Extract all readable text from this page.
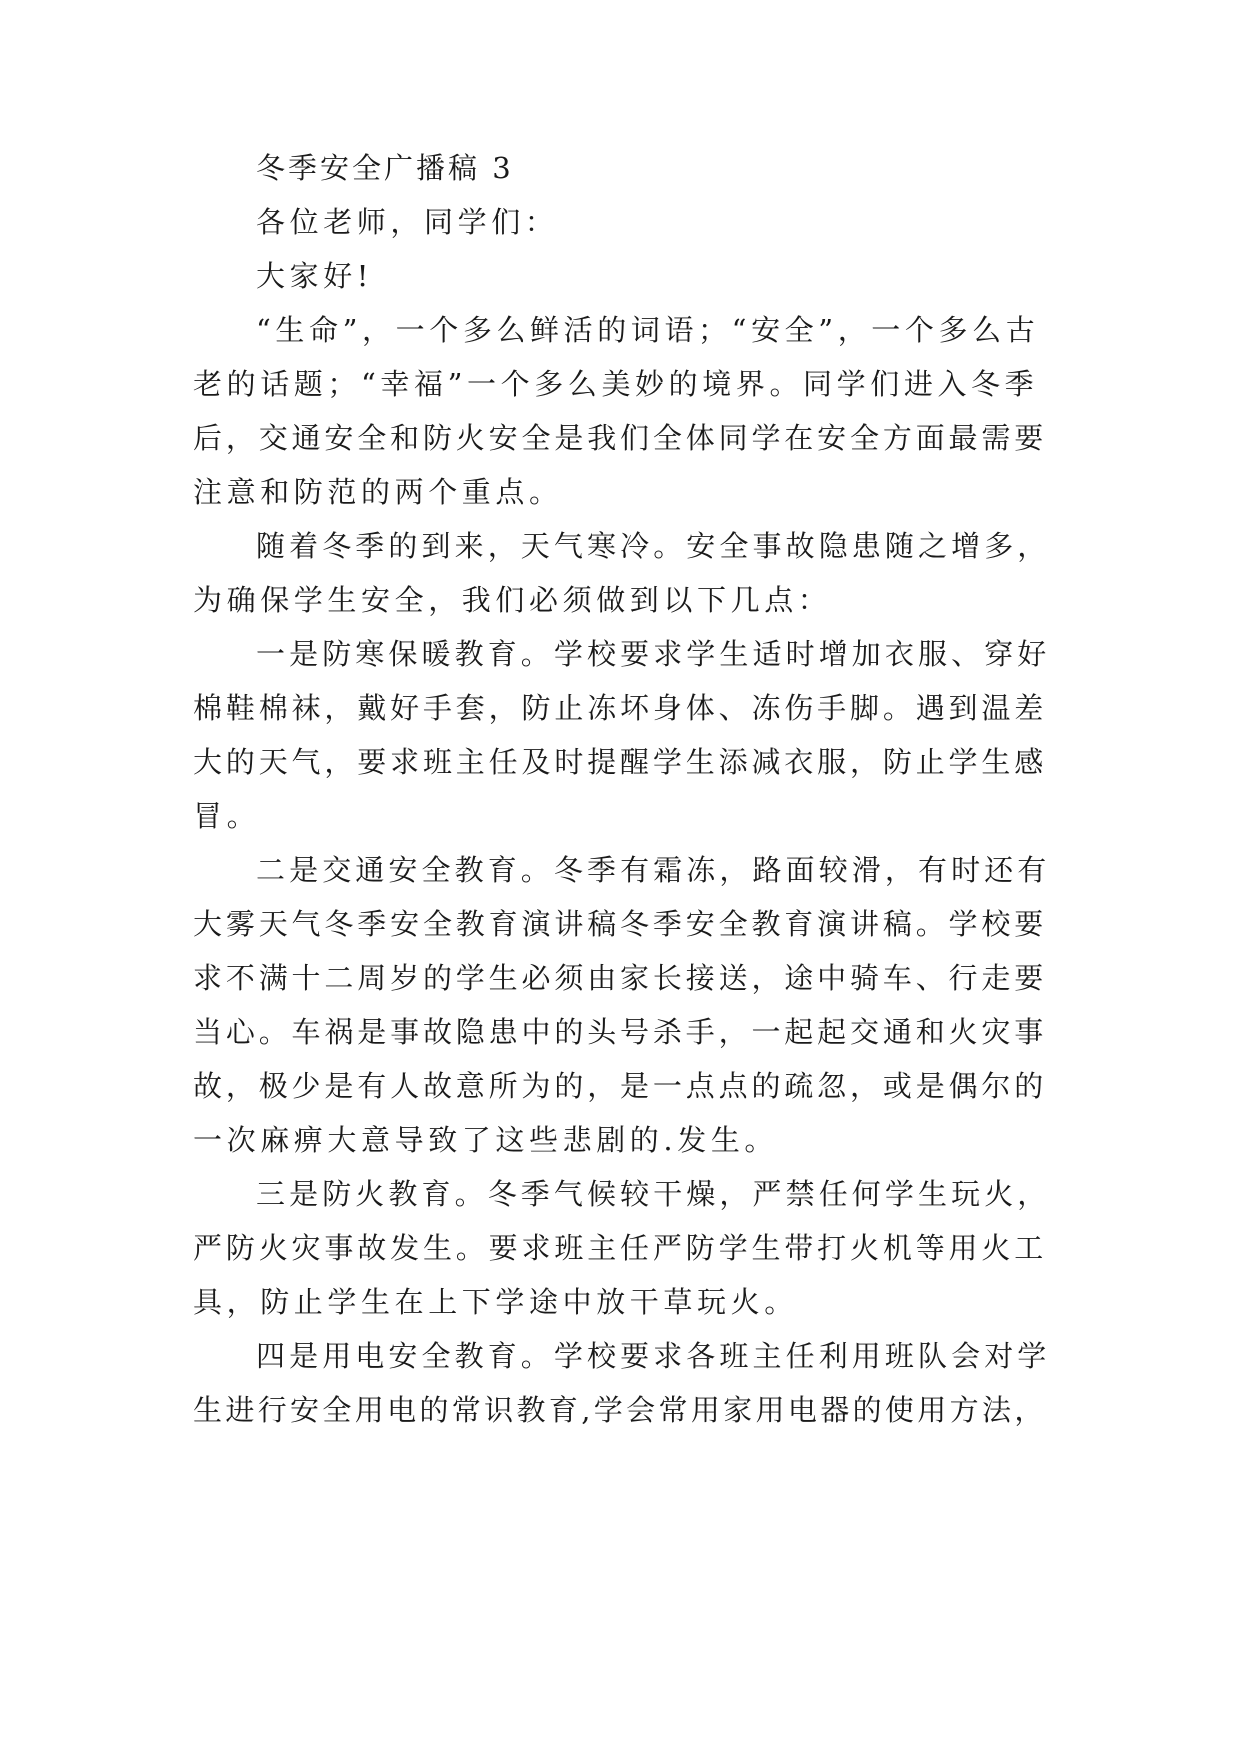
冬季安全广播稿 3
各位老师，同学们：
大家好!
“生命”，一个多么鲜活的词语；“安全”，一个多么古
老的话题；“幸福”一个多么美妙的境界。同学们进入冬季
后，交通安全和防火安全是我们全体同学在安全方面最需要
注意和防范的两个重点。
随着冬季的到来，天气寒冷。安全事故隐患随之增多，
为确保学生安全，我们必须做到以下几点：
一是防寒保暖教育。学校要求学生适时增加衣服、穿好
棉鞋棉袜，戴好手套，防止冻坏身体、冻伤手脚。遇到温差
大的天气，要求班主任及时提醒学生添减衣服，防止学生感
冒。
二是交通安全教育。冬季有霜冻，路面较滑，有时还有
大雾天气冬季安全教育演讲稿冬季安全教育演讲稿。学校要
求不满十二周岁的学生必须由家长接送，途中骑车、行走要
当心。车祸是事故隐患中的头号杀手，一起起交通和火灾事
故，极少是有人故意所为的，是一点点的疏忽，或是偶尔的
一次麻痹大意导致了这些悲剧的.发生。
三是防火教育。冬季气候较干燥，严禁任何学生玩火，
严防火灾事故发生。要求班主任严防学生带打火机等用火工
具，防止学生在上下学途中放干草玩火。
四是用电安全教育。学校要求各班主任利用班队会对学
生进行安全用电的常识教育,学会常用家用电器的使用方法，
